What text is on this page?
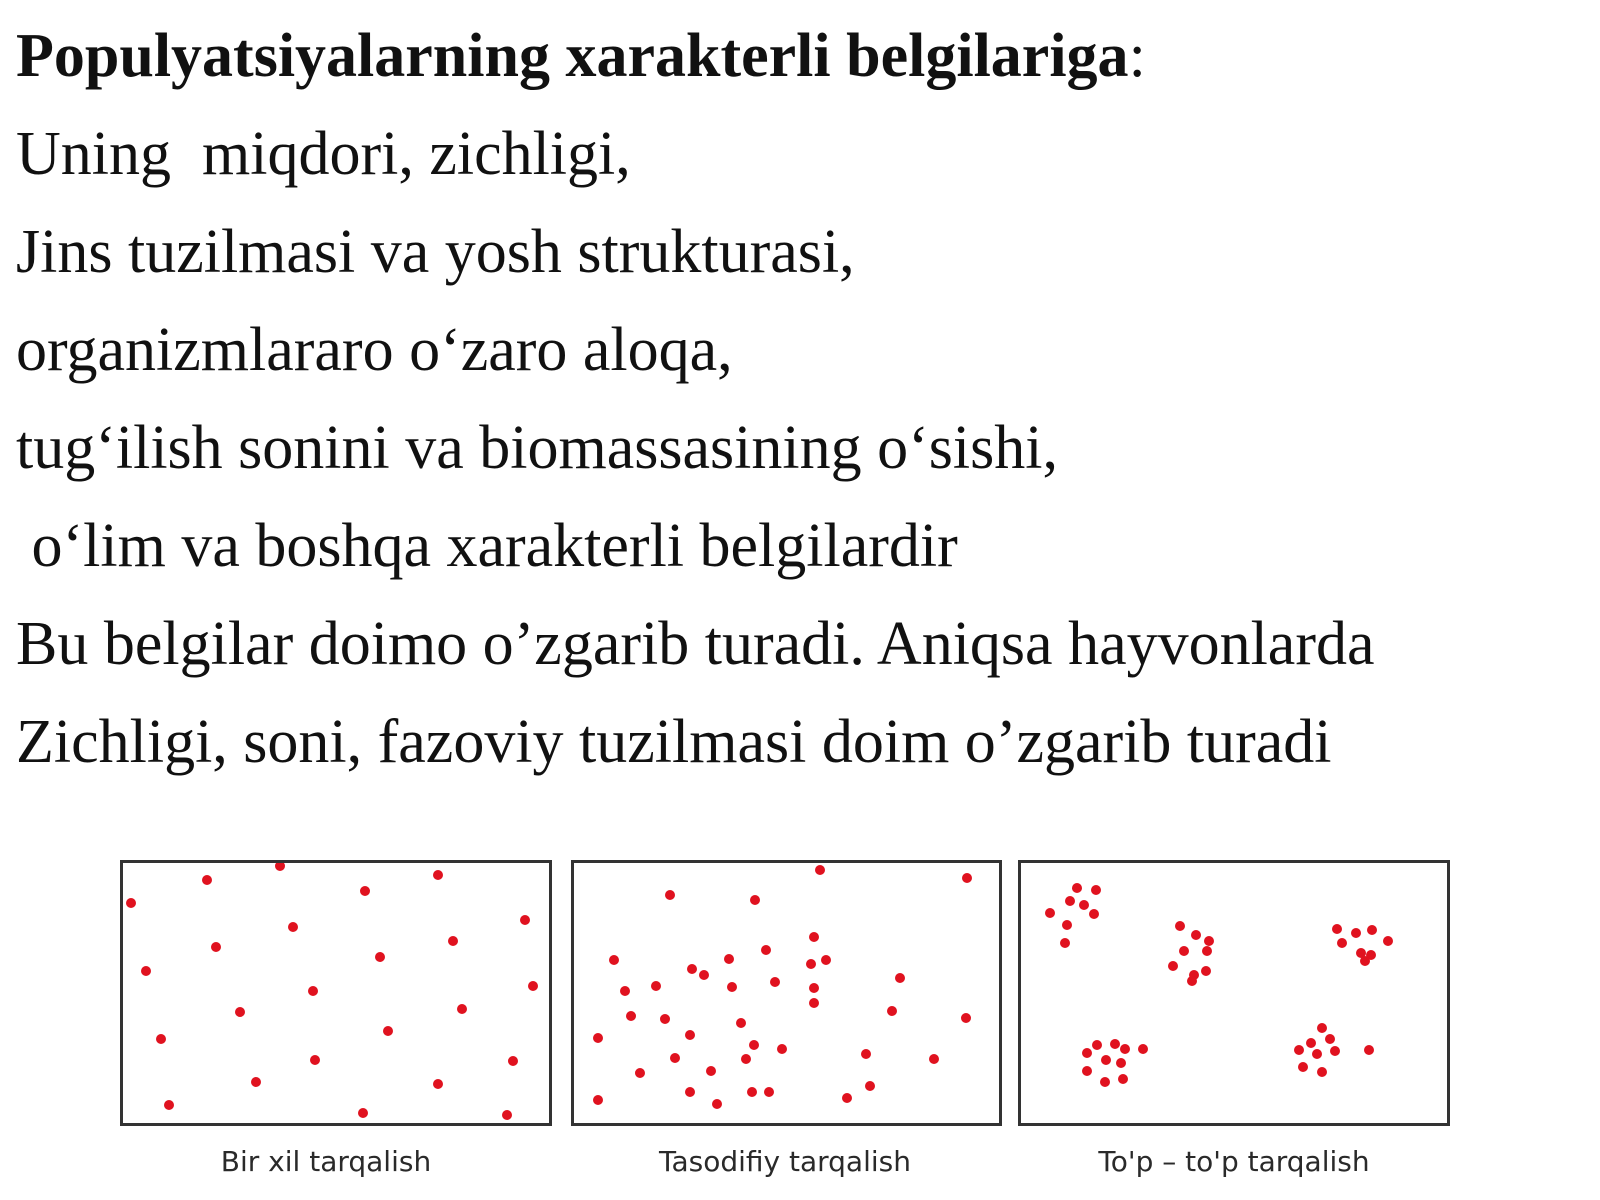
Populyatsiyalarning xarakterli belgilariga:
Uning  miqdori, zichligi,
Jins tuzilmasi va yosh strukturasi,
organizmlararo o‘zaro aloqa,
tug‘ilish sonini va biomassasining o‘sishi,
o‘lim va boshqa xarakterli belgilardir
Bu belgilar doimo o’zgarib turadi. Aniqsa hayvonlarda
Zichligi, soni, fazoviy tuzilmasi doim o’zgarib turadi
Bir xil tarqalish	Tasodifiy tarqalish	To'p – to'p tarqalish
